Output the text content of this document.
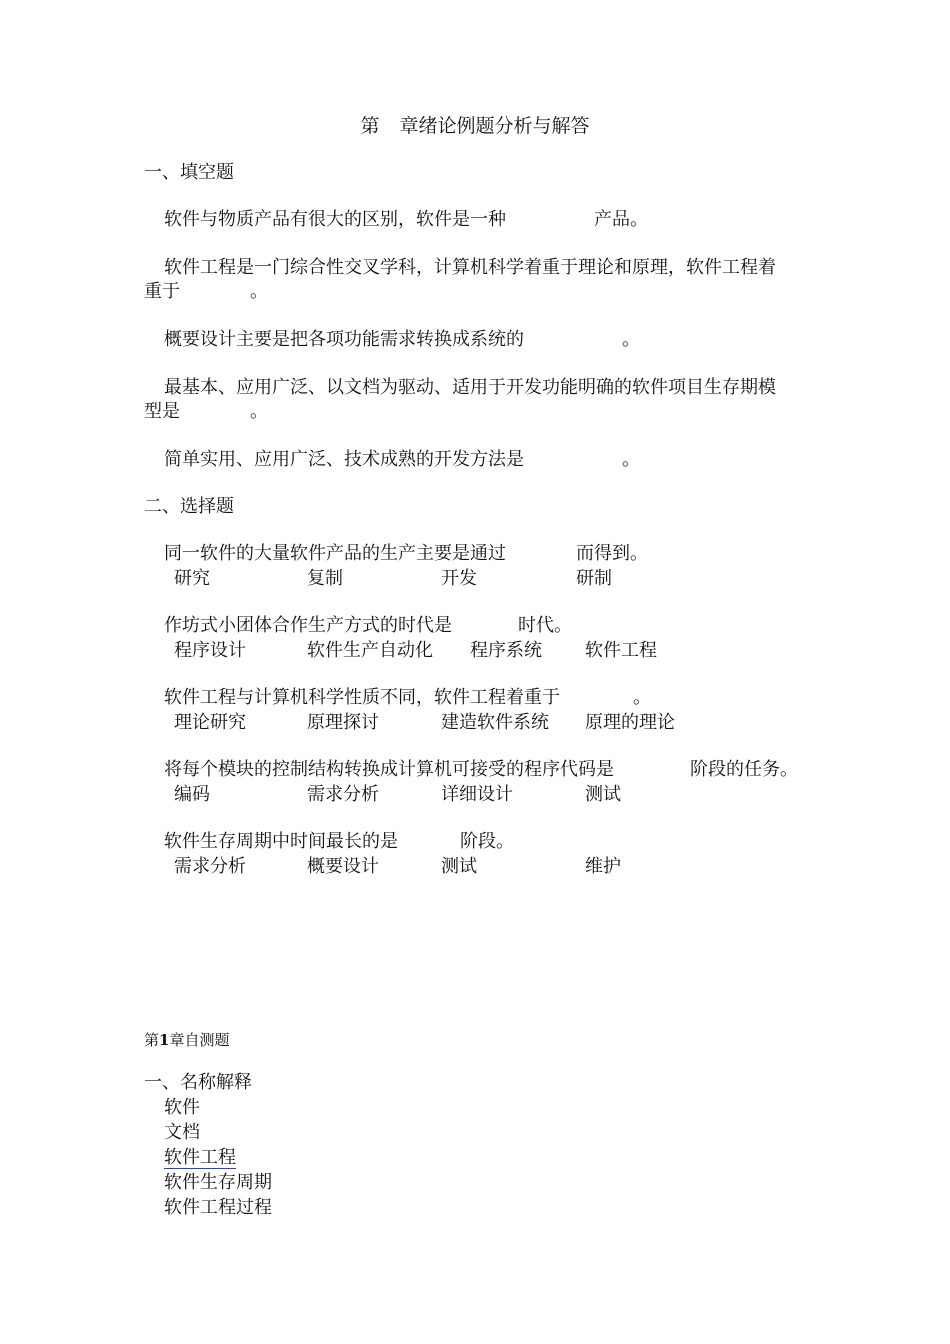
第 章绪论例题分析与解答
一、填空题
软件与物质产品有很大的区别，软件是一种	产品。
软件工程是一门综合性交叉学科，计算机科学着重于理论和原理，软件工程着
重于	。
概要设计主要是把各项功能需求转换成系统的	。
最基本、应用广泛、以文档为驱动、适用于开发功能明确的软件项目生存期模
型是	。
简单实用、应用广泛、技术成熟的开发方法是	。
二、选择题
同一软件的大量软件产品的生产主要是通过	而得到。
研究	复制	开发	研制
作坊式小团体合作生产方式的时代是	时代。
程序设计	软件生产自动化 程序系统 软件工程
软件工程与计算机科学性质不同，软件工程着重于	。
理论研究	原理探讨	建造软件系统 原理的理论
将每个模块的控制结构转换成计算机可接受的程序代码是	阶段的任务。
编码	需求分析	详细设计	测试
软件生存周期中时间最长的是	阶段。
需求分析	概要设计	测试	维护
第1章自测题
一、名称解释
软件
文档
软件工程
软件生存周期
软件工程过程
